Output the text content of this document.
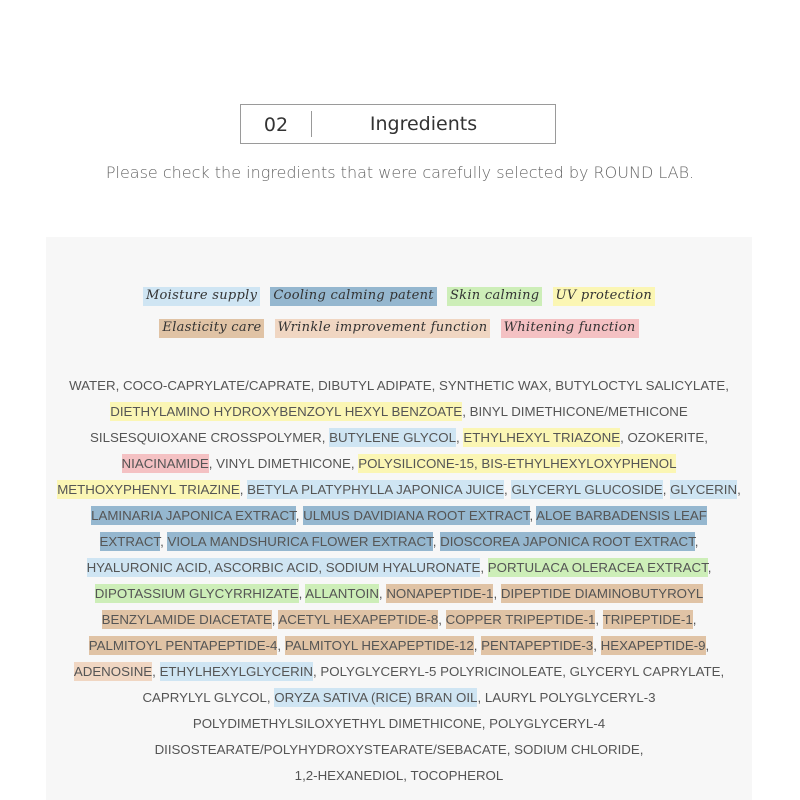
02	Ingredients
Please check the ingredients that were carefully selected by ROUND LAB.
Moisture supply Cooling calming patent Skin calming UV protection
Elasticity care Wrinkle improvement function Whitening function
WATER, COCO-CAPRYLATE/CAPRATE, DIBUTYL ADIPATE, SYNTHETIC WAX, BUTYLOCTYL SALICYLATE,
DIETHYLAMINO HYDROXYBENZOYL HEXYL BENZOATE, BINYL DIMETHICONE/METHICONE
SILSESQUIOXANE CROSSPOLYMER, BUTYLENE GLYCOL, ETHYLHEXYL TRIAZONE, OZOKERITE,
NIACINAMIDE, VINYL DIMETHICONE, POLYSILICONE-15, BIS-ETHYLHEXYLOXYPHENOL
METHOXYPHENYL TRIAZINE, BETYLA PLATYPHYLLA JAPONICA JUICE, GLYCERYL GLUCOSIDE, GLYCERIN,
LAMINARIA JAPONICA EXTRACT, ULMUS DAVIDIANA ROOT EXTRACT, ALOE BARBADENSIS LEAF
EXTRACT, VIOLA MANDSHURICA FLOWER EXTRACT, DIOSCOREA JAPONICA ROOT EXTRACT,
HYALURONIC ACID, ASCORBIC ACID, SODIUM HYALURONATE, PORTULACA OLERACEA EXTRACT,
DIPOTASSIUM GLYCYRRHIZATE, ALLANTOIN, NONAPEPTIDE-1, DIPEPTIDE DIAMINOBUTYROYL
BENZYLAMIDE DIACETATE, ACETYL HEXAPEPTIDE-8, COPPER TRIPEPTIDE-1, TRIPEPTIDE-1,
PALMITOYL PENTAPEPTIDE-4, PALMITOYL HEXAPEPTIDE-12, PENTAPEPTIDE-3, HEXAPEPTIDE-9,
ADENOSINE, ETHYLHEXYLGLYCERIN, POLYGLYCERYL-5 POLYRICINOLEATE, GLYCERYL CAPRYLATE,
CAPRYLYL GLYCOL, ORYZA SATIVA (RICE) BRAN OIL, LAURYL POLYGLYCERYL-3
POLYDIMETHYLSILOXYETHYL DIMETHICONE, POLYGLYCERYL-4
DIISOSTEARATE/POLYHYDROXYSTEARATE/SEBACATE, SODIUM CHLORIDE,
1,2-HEXANEDIOL, TOCOPHEROL
